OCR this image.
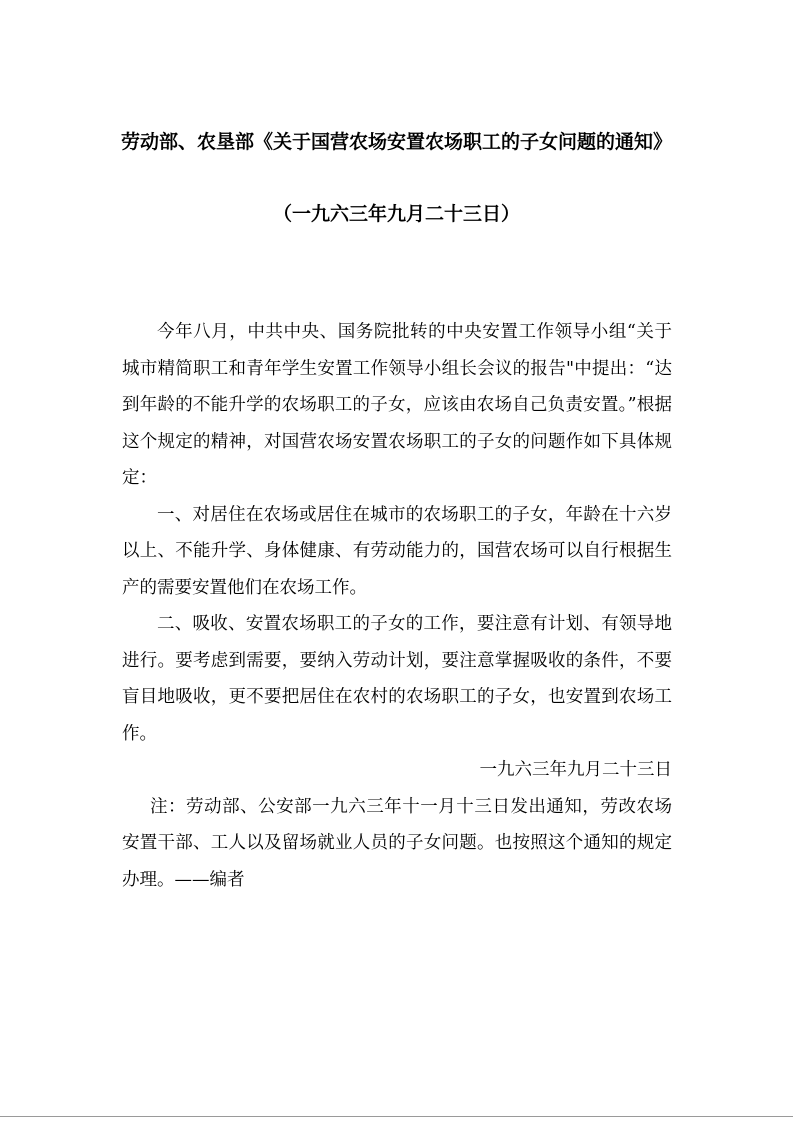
劳动部、农垦部《关于国营农场安置农场职工的子女问题的通知》
（一九六三年九月二十三日）

今年八月，中共中央、国务院批转的中央安置工作领导小组“关于城市精简职工和青年学生安置工作领导小组长会议的报告"中提出：“达到年龄的不能升学的农场职工的子女，应该由农场自己负责安置。”根据这个规定的精神，对国营农场安置农场职工的子女的问题作如下具体规定：

一、对居住在农场或居住在城市的农场职工的子女，年龄在十六岁以上、不能升学、身体健康、有劳动能力的，国营农场可以自行根据生产的需要安置他们在农场工作。

二、吸收、安置农场职工的子女的工作，要注意有计划、有领导地进行。要考虑到需要，要纳入劳动计划，要注意掌握吸收的条件，不要盲目地吸收，更不要把居住在农村的农场职工的子女，也安置到农场工作。

一九六三年九月二十三日

注：劳动部、公安部一九六三年十一月十三日发出通知，劳改农场安置干部、工人以及留场就业人员的子女问题。也按照这个通知的规定办理。——编者
